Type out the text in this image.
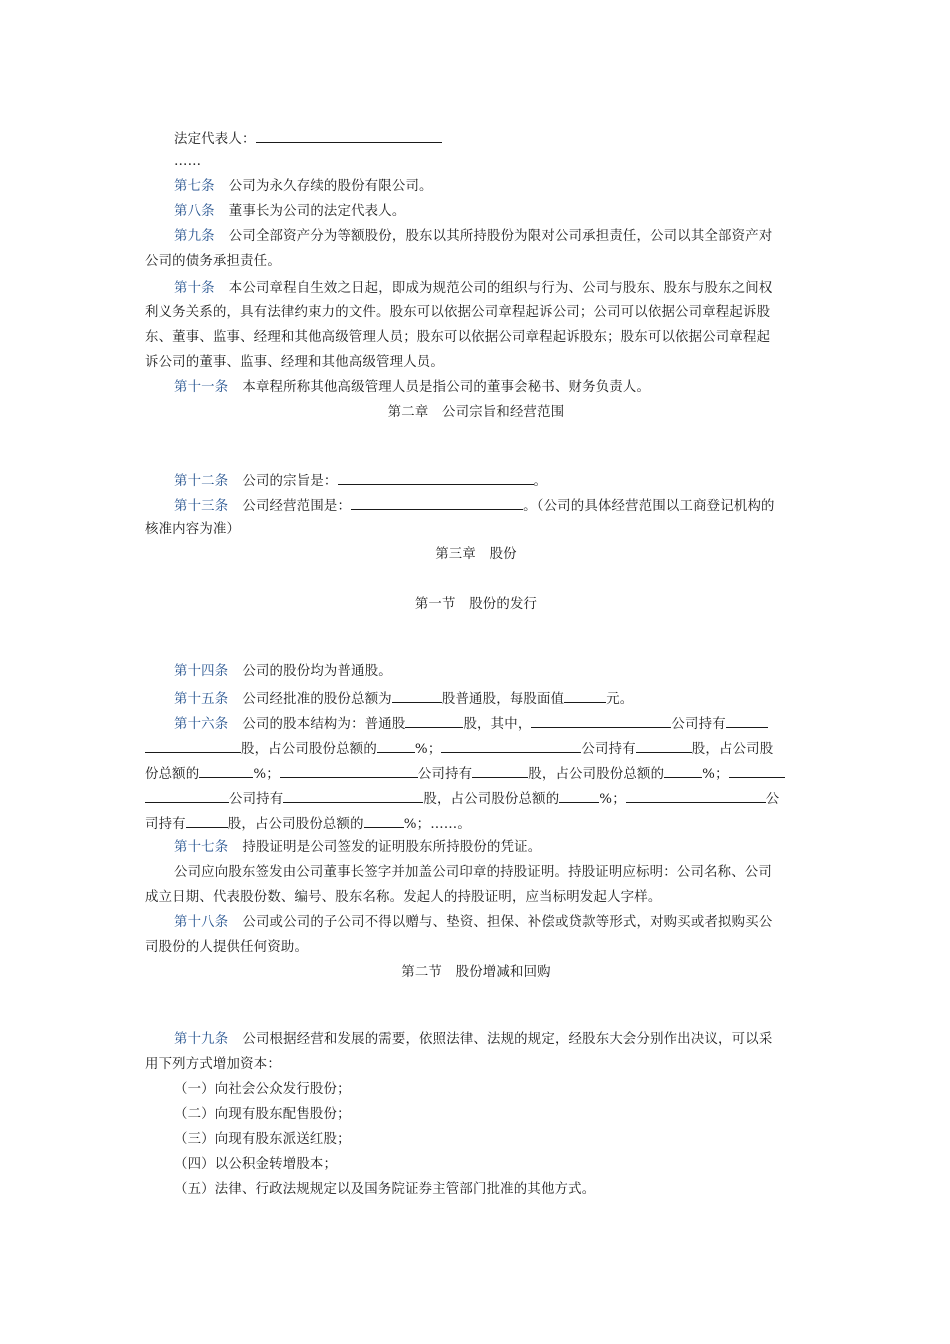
法定代表人：
……
第七条 公司为永久存续的股份有限公司。
第八条 董事长为公司的法定代表人。
第九条 公司全部资产分为等额股份，股东以其所持股份为限对公司承担责任，公司以其全部资产对
公司的债务承担责任。
第十条 本公司章程自生效之日起，即成为规范公司的组织与行为、公司与股东、股东与股东之间权
利义务关系的，具有法律约束力的文件。股东可以依据公司章程起诉公司；公司可以依据公司章程起诉股
东、董事、监事、经理和其他高级管理人员；股东可以依据公司章程起诉股东；股东可以依据公司章程起
诉公司的董事、监事、经理和其他高级管理人员。
第十一条 本章程所称其他高级管理人员是指公司的董事会秘书、财务负责人。
第二章　公司宗旨和经营范围
第十二条 公司的宗旨是：	。
第十三条 公司经营范围是：	。（公司的具体经营范围以工商登记机构的
核准内容为准）
第三章　股份
第一节　股份的发行
第十四条 公司的股份均为普通股。
第十五条 公司经批准的股份总额为	股普通股，每股面值	元。
第十六条 公司的股本结构为：普通股	股，其中，	公司持有
股，占公司股份总额的	%；	公司持有	股，占公司股
份总额的	%；	公司持有	股，占公司股份总额的	%；
公司持有	股，占公司股份总额的	%；	公
司持有	股，占公司股份总额的	%；……。
第十七条 持股证明是公司签发的证明股东所持股份的凭证。
公司应向股东签发由公司董事长签字并加盖公司印章的持股证明。持股证明应标明：公司名称、公司
成立日期、代表股份数、编号、股东名称。发起人的持股证明，应当标明发起人字样。
第十八条 公司或公司的子公司不得以赠与、垫资、担保、补偿或贷款等形式，对购买或者拟购买公
司股份的人提供任何资助。
第二节　股份增减和回购
第十九条 公司根据经营和发展的需要，依照法律、法规的规定，经股东大会分别作出决议，可以采
用下列方式增加资本：
（一）向社会公众发行股份；
（二）向现有股东配售股份；
（三）向现有股东派送红股；
（四）以公积金转增股本；
（五）法律、行政法规规定以及国务院证券主管部门批准的其他方式。
